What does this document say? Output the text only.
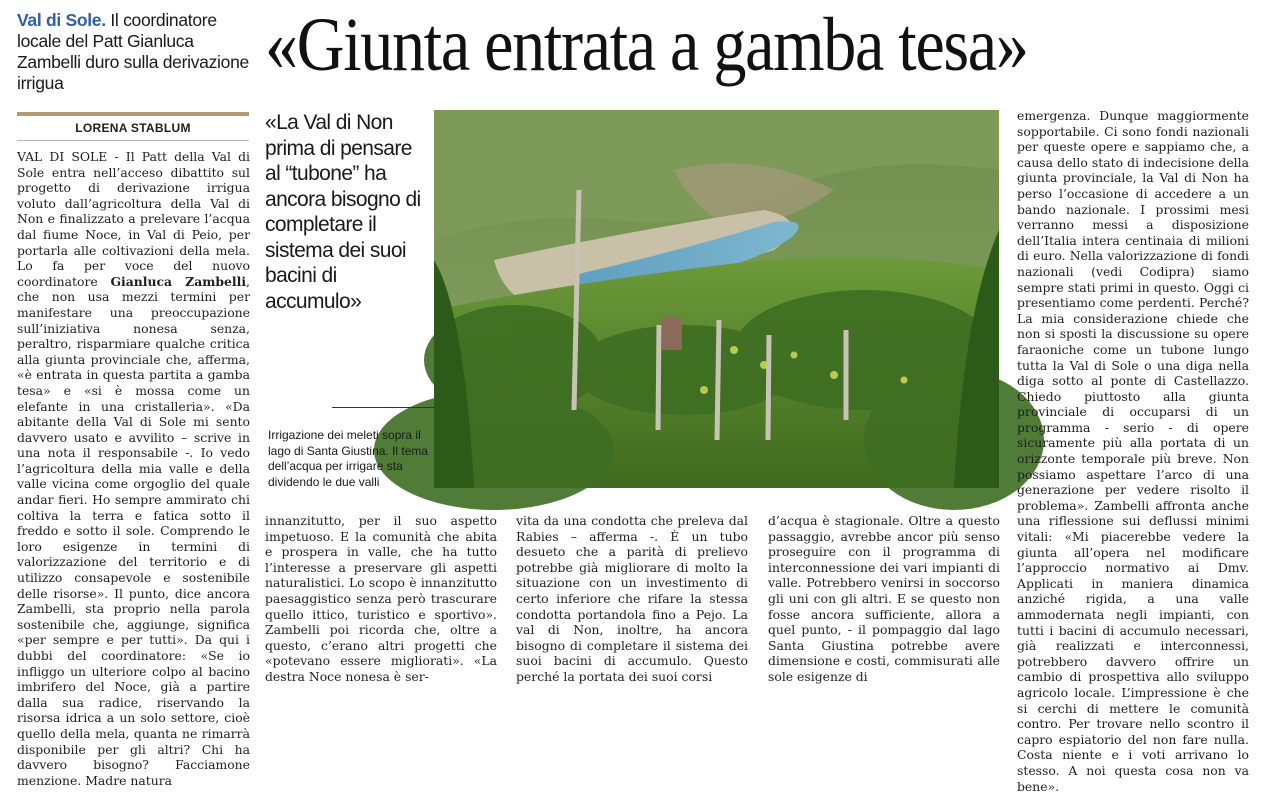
Val di Sole. Il coordinatore locale del Patt Gianluca Zambelli duro sulla derivazione irrigua	«Giunta entrata a gamba tesa»
LORENA STABLUM

VAL DI SOLE - Il Patt della Val di Sole entra nell’acceso dibattito sul progetto di derivazione irrigua voluto dall’agricoltura della Val di Non e finalizzato a prelevare l’acqua dal fiume Noce, in Val di Peio, per portarla alle coltivazioni della mela. Lo fa per voce del nuovo coordinatore Gianluca Zambelli, che non usa mezzi termini per manifestare una preoccupazione sull’iniziativa nonesa senza, peraltro, risparmiare qualche critica alla giunta provinciale che, afferma, «è entrata in questa partita a gamba tesa» e «si è mossa come un elefante in una cristalleria». «Da abitante della Val di Sole mi sento davvero usato e avvilito – scrive in una nota il responsabile -. Io vedo l’agricoltura della mia valle e della valle vicina come orgoglio del quale andar fieri. Ho sempre ammirato chi coltiva la terra e fatica sotto il freddo e sotto il sole. Comprendo le loro esigenze in termini di valorizzazione del territorio e di utilizzo consapevole e sostenibile delle risorse». Il punto, dice ancora Zambelli, sta proprio nella parola sostenibile che, aggiunge, significa «per sempre e per tutti». Da qui i dubbi del coordinatore: «Se io infliggo un ulteriore colpo al bacino imbrifero del Noce, già a partire dalla sua radice, riservando la risorsa idrica a un solo settore, cioè quello della mela, quanta ne rimarrà disponibile per gli altri? Chi ha davvero bisogno? Facciamone menzione. Madre natura

«La Val di Non prima di pensare al “tubone” ha ancora bisogno di completare il sistema dei suoi bacini di accumulo»
Irrigazione dei meleti sopra il lago di Santa Giustina. Il tema dell’acqua per irrigare sta dividendo le due valli

innanzitutto, per il suo aspetto impetuoso. E la comunità che abita e prospera in valle, che ha tutto l’interesse a preservare gli aspetti naturalistici. Lo scopo è innanzitutto paesaggistico senza però trascurare quello ittico, turistico e sportivo». Zambelli poi ricorda che, oltre a questo, c’erano altri progetti che «potevano essere migliorati». «La destra Noce nonesa è ser-

vita da una condotta che preleva dal Rabies – afferma -. È un tubo desueto che a parità di prelievo potrebbe già migliorare di molto la situazione con un investimento di certo inferiore che rifare la stessa condotta portandola fino a Pejo. La val di Non, inoltre, ha ancora bisogno di completare il sistema dei suoi bacini di accumulo. Questo perché la portata dei suoi corsi

d’acqua è stagionale. Oltre a questo passaggio, avrebbe ancor più senso proseguire con il programma di interconnessione dei vari impianti di valle. Potrebbero venirsi in soccorso gli uni con gli altri. E se questo non fosse ancora sufficiente, allora a quel punto, - il pompaggio dal lago Santa Giustina potrebbe avere dimensione e costi, commisurati alle sole esigenze di

emergenza. Dunque maggiormente sopportabile. Ci sono fondi nazionali per queste opere e sappiamo che, a causa dello stato di indecisione della giunta provinciale, la Val di Non ha perso l’occasione di accedere a un bando nazionale. I prossimi mesi verranno messi a disposizione dell’Italia intera centinaia di milioni di euro. Nella valorizzazione di fondi nazionali (vedi Codipra) siamo sempre stati primi in questo. Oggi ci presentiamo come perdenti. Perché? La mia considerazione chiede che non si sposti la discussione su opere faraoniche come un tubone lungo tutta la Val di Sole o una diga nella diga sotto al ponte di Castellazzo. Chiedo piuttosto alla giunta provinciale di occuparsi di un programma - serio - di opere sicuramente più alla portata di un orizzonte temporale più breve. Non possiamo aspettare l’arco di una generazione per vedere risolto il problema». Zambelli affronta anche una riflessione sui deflussi minimi vitali: «Mi piacerebbe vedere la giunta all’opera nel modificare l’approccio normativo ai Dmv. Applicati in maniera dinamica anziché rigida, a una valle ammodernata negli impianti, con tutti i bacini di accumulo necessari, già realizzati e interconnessi, potrebbero davvero offrire un cambio di prospettiva allo sviluppo agricolo locale. L’impressione è che si cerchi di mettere le comunità contro. Per trovare nello scontro il capro espiatorio del non fare nulla. Costa niente e i voti arrivano lo stesso. A noi questa cosa non va bene».
